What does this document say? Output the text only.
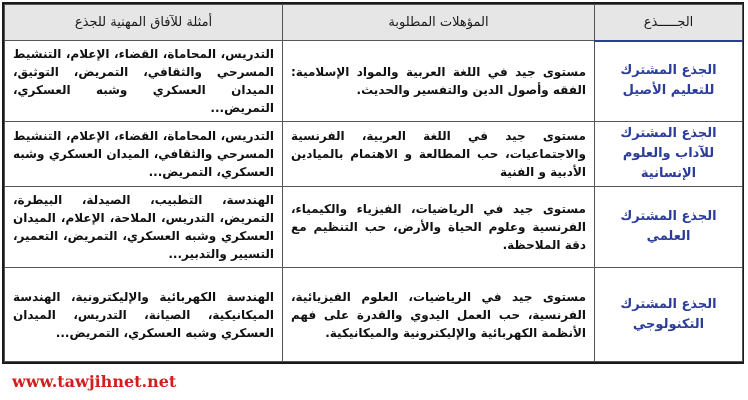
الجـــــذع	المؤهلات المطلوبة	أمثلة للآفاق المهنية للجذع
الجذع المشترك للتعليم الأصيل	مستوى جيد في اللغة العربية والمواد الإسلامية: الفقه وأصول الدين والتفسير والحديث.	التدريس، المحاماة، القضاء، الإعلام، التنشيط المسرحي والثقافي، التمريض، التوثيق، الميدان العسكري وشبه العسكري، التمريض...
الجذع المشترك للآداب والعلوم الإنسانية	مستوى جيد في اللغة العربية، الفرنسية والاجتماعيات، حب المطالعة و الاهتمام بالميادين الأدبية و الفنية	التدريس، المحاماة، القضاء، الإعلام، التنشيط المسرحي والثقافي، الميدان العسكري وشبه العسكري، التمريض...
الجذع المشترك العلمي	مستوى جيد في الرياضيات، الفيزياء والكيمياء، الفرنسية وعلوم الحياة والأرض، حب التنظيم مع دقة الملاحظة.	الهندسة، التطبيب، الصيدلة، البيطرة، التمريض، التدريس، الملاحة، الإعلام، الميدان العسكري وشبه العسكري، التمريض، التعمير، التسيير والتدبير...
الجذع المشترك التكنولوجي	مستوى جيد في الرياضيات، العلوم الفيزيائية، الفرنسية، حب العمل اليدوي والقدرة على فهم الأنظمة الكهربائية والإليكترونية والميكانيكية.	الهندسة الكهربائية والإليكترونية، الهندسة الميكانيكية، الصيانة، التدريس، الميدان العسكري وشبه العسكري، التمريض...
www.tawjihnet.net
